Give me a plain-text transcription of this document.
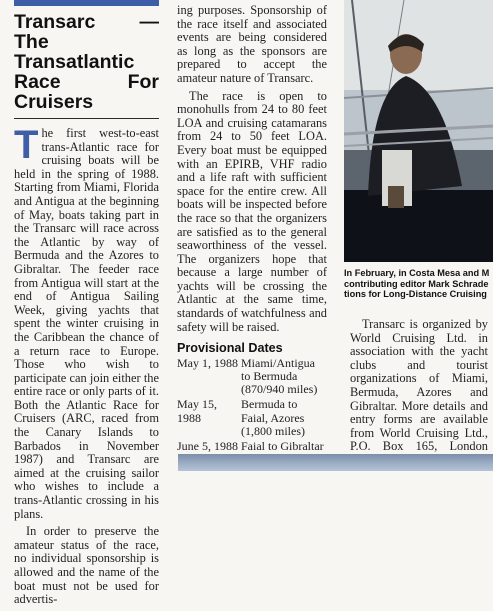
Transarc — The Transatlantic Race For Cruisers

The first west-to-east trans-Atlantic race for cruising boats will be held in the spring of 1988. Starting from Miami, Florida and Antigua at the beginning of May, boats taking part in the Transarc will race across the Atlantic by way of Bermuda and the Azores to Gibraltar. The feeder race from Antigua will start at the end of Antigua Sailing Week, giving yachts that spent the winter cruising in the Caribbean the chance of a return race to Europe. Those who wish to participate can join either the entire race or only parts of it. Both the Atlantic Race for Cruisers (ARC, raced from the Canary Islands to Barbados in November 1987) and Transarc are aimed at the cruising sailor who wishes to include a trans-Atlantic crossing in his plans.

In order to preserve the amateur status of the race, no individual sponsorship is allowed and the name of the boat must not be used for advertis-

ing purposes. Sponsorship of the race itself and associated events are being considered as long as the sponsors are prepared to accept the amateur nature of Transarc.

The race is open to monohulls from 24 to 80 feet LOA and cruising catamarans from 24 to 50 feet LOA. Every boat must be equipped with an EPIRB, VHF radio and a life raft with sufficient space for the entire crew. All boats will be inspected before the race so that the organizers are satisfied as to the general seaworthiness of the vessel. The organizers hope that because a large number of yachts will be crossing the Atlantic at the same time, standards of watchfulness and safety will be raised.

Provisional Dates
May 1, 1988 Miami/Antigua to Bermuda (870/940 miles)
May 15, 1988
Bermuda to Faial, Azores (1,800 miles)
June 5, 1988 Faial to Gibraltar
In February, in Costa Mesa and M
contributing editor Mark Schrade
tions for Long-Distance Cruising

Transarc is organized by World Cruising Ltd. in association with the yacht clubs and tourist organizations of Miami, Bermuda, Azores and Gibraltar. More details and entry forms are available from World Cruising Ltd., P.O. Box 165, London
